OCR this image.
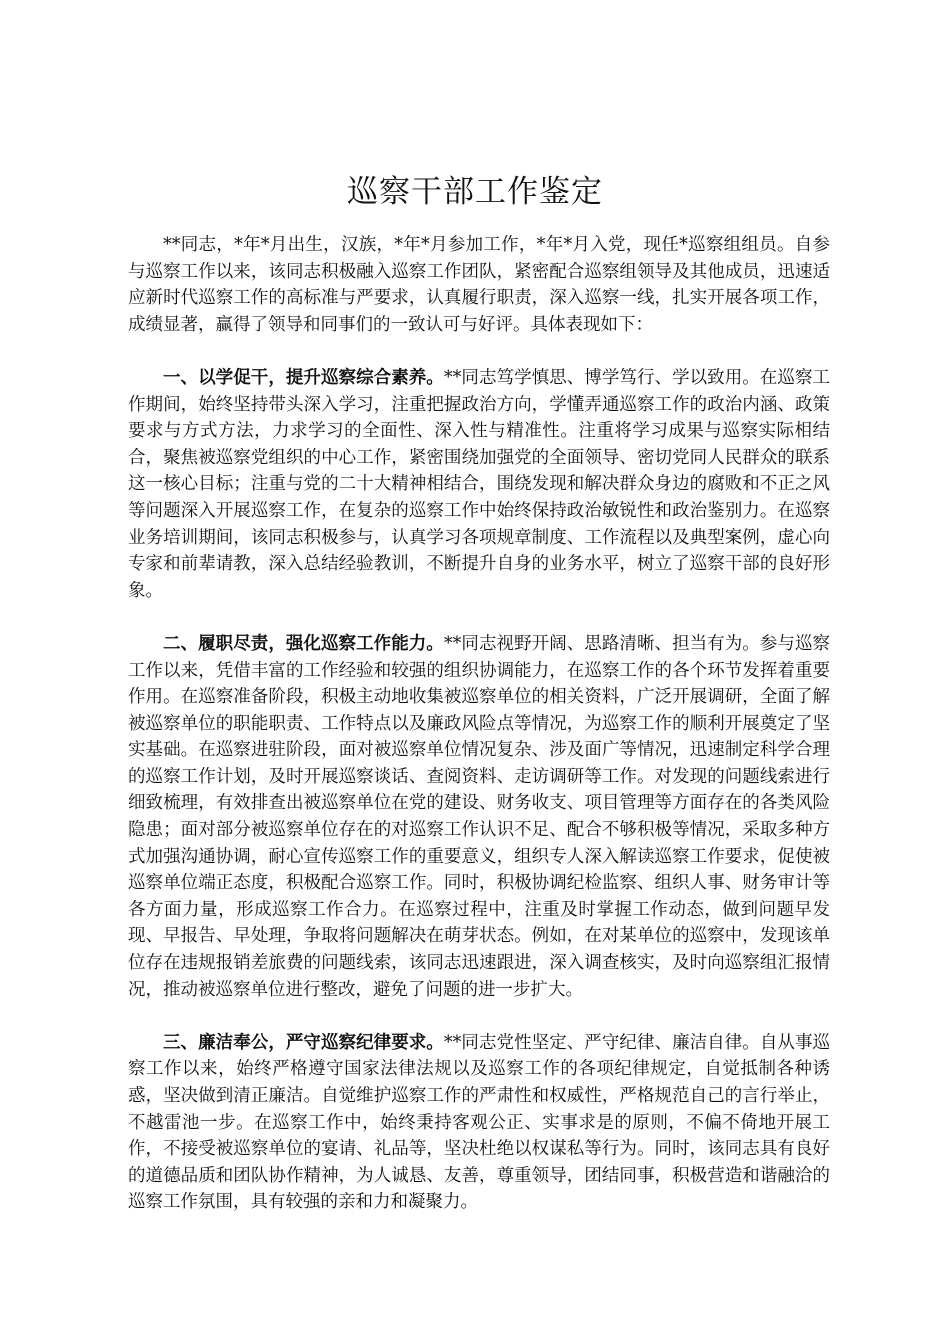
巡察干部工作鉴定

**同志，*年*月出生，汉族，*年*月参加工作，*年*月入党，现任*巡察组组员。自参与巡察工作以来，该同志积极融入巡察工作团队，紧密配合巡察组领导及其他成员，迅速适应新时代巡察工作的高标准与严要求，认真履行职责，深入巡察一线，扎实开展各项工作，成绩显著，赢得了领导和同事们的一致认可与好评。具体表现如下：

一、以学促干，提升巡察综合素养。**同志笃学慎思、博学笃行、学以致用。在巡察工作期间，始终坚持带头深入学习，注重把握政治方向，学懂弄通巡察工作的政治内涵、政策要求与方式方法，力求学习的全面性、深入性与精准性。注重将学习成果与巡察实际相结合，聚焦被巡察党组织的中心工作，紧密围绕加强党的全面领导、密切党同人民群众的联系这一核心目标；注重与党的二十大精神相结合，围绕发现和解决群众身边的腐败和不正之风等问题深入开展巡察工作，在复杂的巡察工作中始终保持政治敏锐性和政治鉴别力。在巡察业务培训期间，该同志积极参与，认真学习各项规章制度、工作流程以及典型案例，虚心向专家和前辈请教，深入总结经验教训，不断提升自身的业务水平，树立了巡察干部的良好形象。

二、履职尽责，强化巡察工作能力。**同志视野开阔、思路清晰、担当有为。参与巡察工作以来，凭借丰富的工作经验和较强的组织协调能力，在巡察工作的各个环节发挥着重要作用。在巡察准备阶段，积极主动地收集被巡察单位的相关资料，广泛开展调研，全面了解被巡察单位的职能职责、工作特点以及廉政风险点等情况，为巡察工作的顺利开展奠定了坚实基础。在巡察进驻阶段，面对被巡察单位情况复杂、涉及面广等情况，迅速制定科学合理的巡察工作计划，及时开展巡察谈话、查阅资料、走访调研等工作。对发现的问题线索进行细致梳理，有效排查出被巡察单位在党的建设、财务收支、项目管理等方面存在的各类风险隐患；面对部分被巡察单位存在的对巡察工作认识不足、配合不够积极等情况，采取多种方式加强沟通协调，耐心宣传巡察工作的重要意义，组织专人深入解读巡察工作要求，促使被巡察单位端正态度，积极配合巡察工作。同时，积极协调纪检监察、组织人事、财务审计等各方面力量，形成巡察工作合力。在巡察过程中，注重及时掌握工作动态，做到问题早发现、早报告、早处理，争取将问题解决在萌芽状态。例如，在对某单位的巡察中，发现该单位存在违规报销差旅费的问题线索，该同志迅速跟进，深入调查核实，及时向巡察组汇报情况，推动被巡察单位进行整改，避免了问题的进一步扩大。

三、廉洁奉公，严守巡察纪律要求。**同志党性坚定、严守纪律、廉洁自律。自从事巡察工作以来，始终严格遵守国家法律法规以及巡察工作的各项纪律规定，自觉抵制各种诱惑，坚决做到清正廉洁。自觉维护巡察工作的严肃性和权威性，严格规范自己的言行举止，不越雷池一步。在巡察工作中，始终秉持客观公正、实事求是的原则，不偏不倚地开展工作，不接受被巡察单位的宴请、礼品等，坚决杜绝以权谋私等行为。同时，该同志具有良好的道德品质和团队协作精神，为人诚恳、友善，尊重领导，团结同事，积极营造和谐融洽的巡察工作氛围，具有较强的亲和力和凝聚力。
